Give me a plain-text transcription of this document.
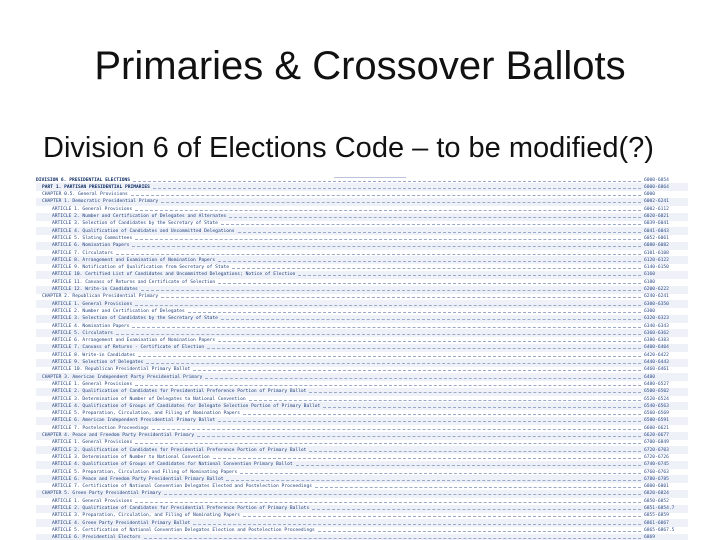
Primaries & Crossover Ballots
Division 6 of Elections Code – to be modified(?)
DIVISION 6. PRESIDENTIAL ELECTIONS	6000-6854
PART 1. PARTISAN PRESIDENTIAL PRIMARIES	6000-6864
CHAPTER 0.5. General Provisions	6000
CHAPTER 1. Democratic Presidential Primary	6002-6241
ARTICLE 1. General Provisions	6002-6112
ARTICLE 2. Number and Certification of Delegates and Alternates	6020-6021
ARTICLE 3. Selection of Candidates by the Secretary of State	6039-6041
ARTICLE 4. Qualification of Candidates and Uncommitted Delegations	6041-6043
ARTICLE 5. Slating Committees	6052-6061
ARTICLE 6. Nomination Papers	6080-6082
ARTICLE 7. Circulators	6101-6108
ARTICLE 8. Arrangement and Examination of Nomination Papers	6120-6122
ARTICLE 9. Notification of Qualification from Secretary of State	6140-6150
ARTICLE 10. Certified List of Candidates and Uncommitted Delegations; Notice of Election	6160
ARTICLE 11. Canvass of Returns and Certificate of Selection	6180
ARTICLE 12. Write-in Candidates	6200-6222
CHAPTER 2. Republican Presidential Primary	6240-6241
ARTICLE 1. General Provisions	6300-6350
ARTICLE 2. Number and Certification of Delegates	6300
ARTICLE 3. Selection of Candidates by the Secretary of State	6320-6323
ARTICLE 4. Nomination Papers	6340-6343
ARTICLE 5. Circulators	6360-6362
ARTICLE 6. Arrangement and Examination of Nomination Papers	6380-6383
ARTICLE 7. Canvass of Returns - Certificate of Election	6400-6404
ARTICLE 8. Write-in Candidates	6420-6422
ARTICLE 9. Selection of Delegates	6440-6443
ARTICLE 10. Republican Presidential Primary Ballot	6460-6461
CHAPTER 3. American Independent Party Presidential Primary	6480
ARTICLE 1. General Provisions	6480-6527
ARTICLE 2. Qualification of Candidates for Presidential Preference Portion of Primary Ballot	6500-6502
ARTICLE 3. Determination of Number of Delegates to National Convention	6520-6524
ARTICLE 4. Qualification of Groups of Candidates for Delegate Selection Portion of Primary Ballot	6540-6563
ARTICLE 5. Preparation, Circulation, and Filing of Nomination Papers	6560-6569
ARTICLE 6. American Independent Presidential Primary Ballot	6580-6591
ARTICLE 7. Postelection Proceedings	6600-6621
CHAPTER 4. Peace and Freedom Party Presidential Primary	6620-6677
ARTICLE 1. General Provisions	6700-6849
ARTICLE 2. Qualification of Candidates for Presidential Preference Portion of Primary Ballot	6720-6703
ARTICLE 3. Determination of Number to National Convention	6720-6726
ARTICLE 4. Qualification of Groups of Candidates for National Convention Primary Ballot	6740-6745
ARTICLE 5. Preparation, Circulation and Filing of Nominating Papers	6760-6763
ARTICLE 6. Peace and Freedom Party Presidential Primary Ballot	6780-6785
ARTICLE 7. Certification of National Convention Delegates Elected and Postelection Proceedings	6800-6801
CHAPTER 5. Green Party Presidential Primary	6820-6824
ARTICLE 1. General Provisions	6850-6852
ARTICLE 2. Qualification of Candidates for Presidential Preference Portion of Primary Ballots	6851-6854.7
ARTICLE 3. Preparation, Circulation, and Filing of Nominating Papers	6855-6859
ARTICLE 4. Green Party Presidential Primary Ballot	6861-6867
ARTICLE 5. Certification of National Convention Delegates Election and Postelection Proceedings	6865-6867.5
ARTICLE 6. Presidential Electors	6869
